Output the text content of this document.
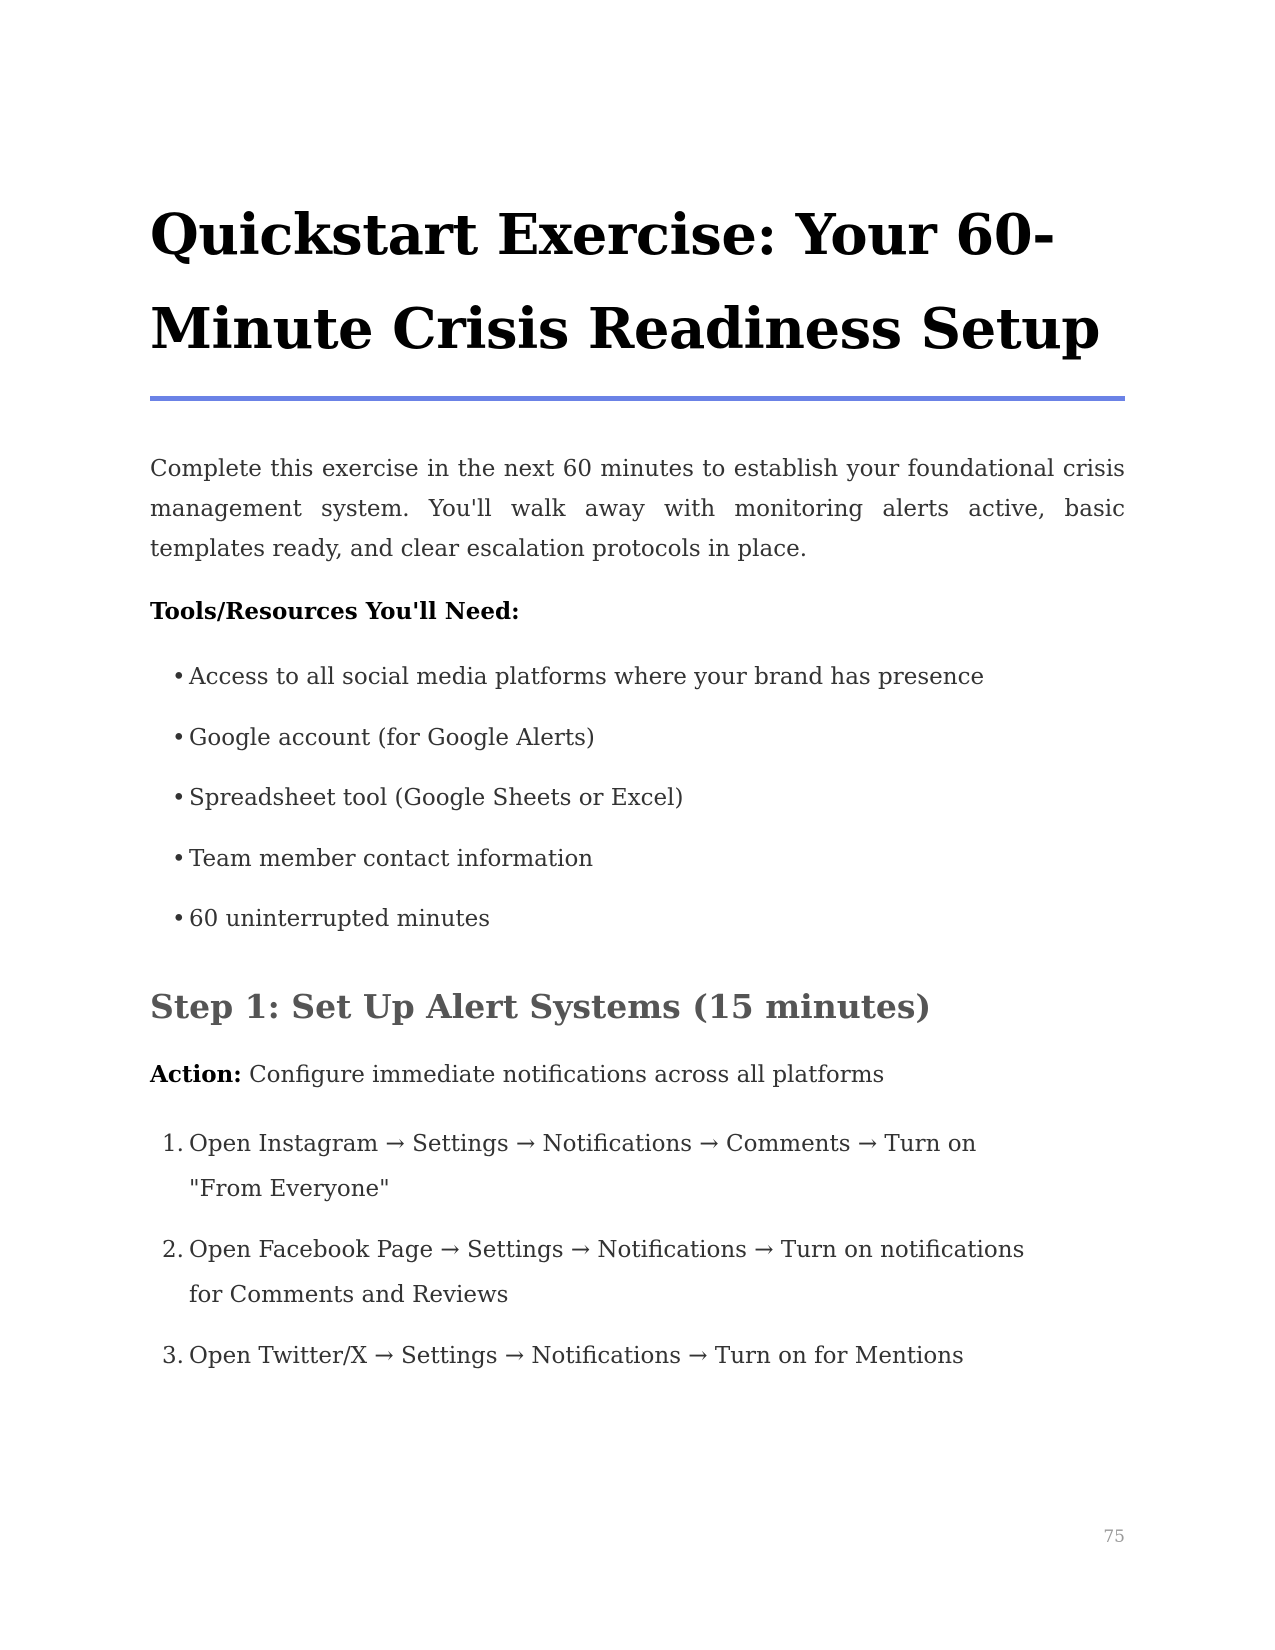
Quickstart Exercise: Your 60-Minute Crisis Readiness Setup

Complete this exercise in the next 60 minutes to establish your foundational crisis management system. You'll walk away with monitoring alerts active, basic templates ready, and clear escalation protocols in place.

Tools/Resources You'll Need:

• Access to all social media platforms where your brand has presence
• Google account (for Google Alerts)
• Spreadsheet tool (Google Sheets or Excel)
• Team member contact information
• 60 uninterrupted minutes
Step 1: Set Up Alert Systems (15 minutes)

Action: Configure immediate notifications across all platforms

1. Open Instagram → Settings → Notifications → Comments → Turn on "From Everyone"
2. Open Facebook Page → Settings → Notifications → Turn on notifications for Comments and Reviews
3. Open Twitter/X → Settings → Notifications → Turn on for Mentions

75
